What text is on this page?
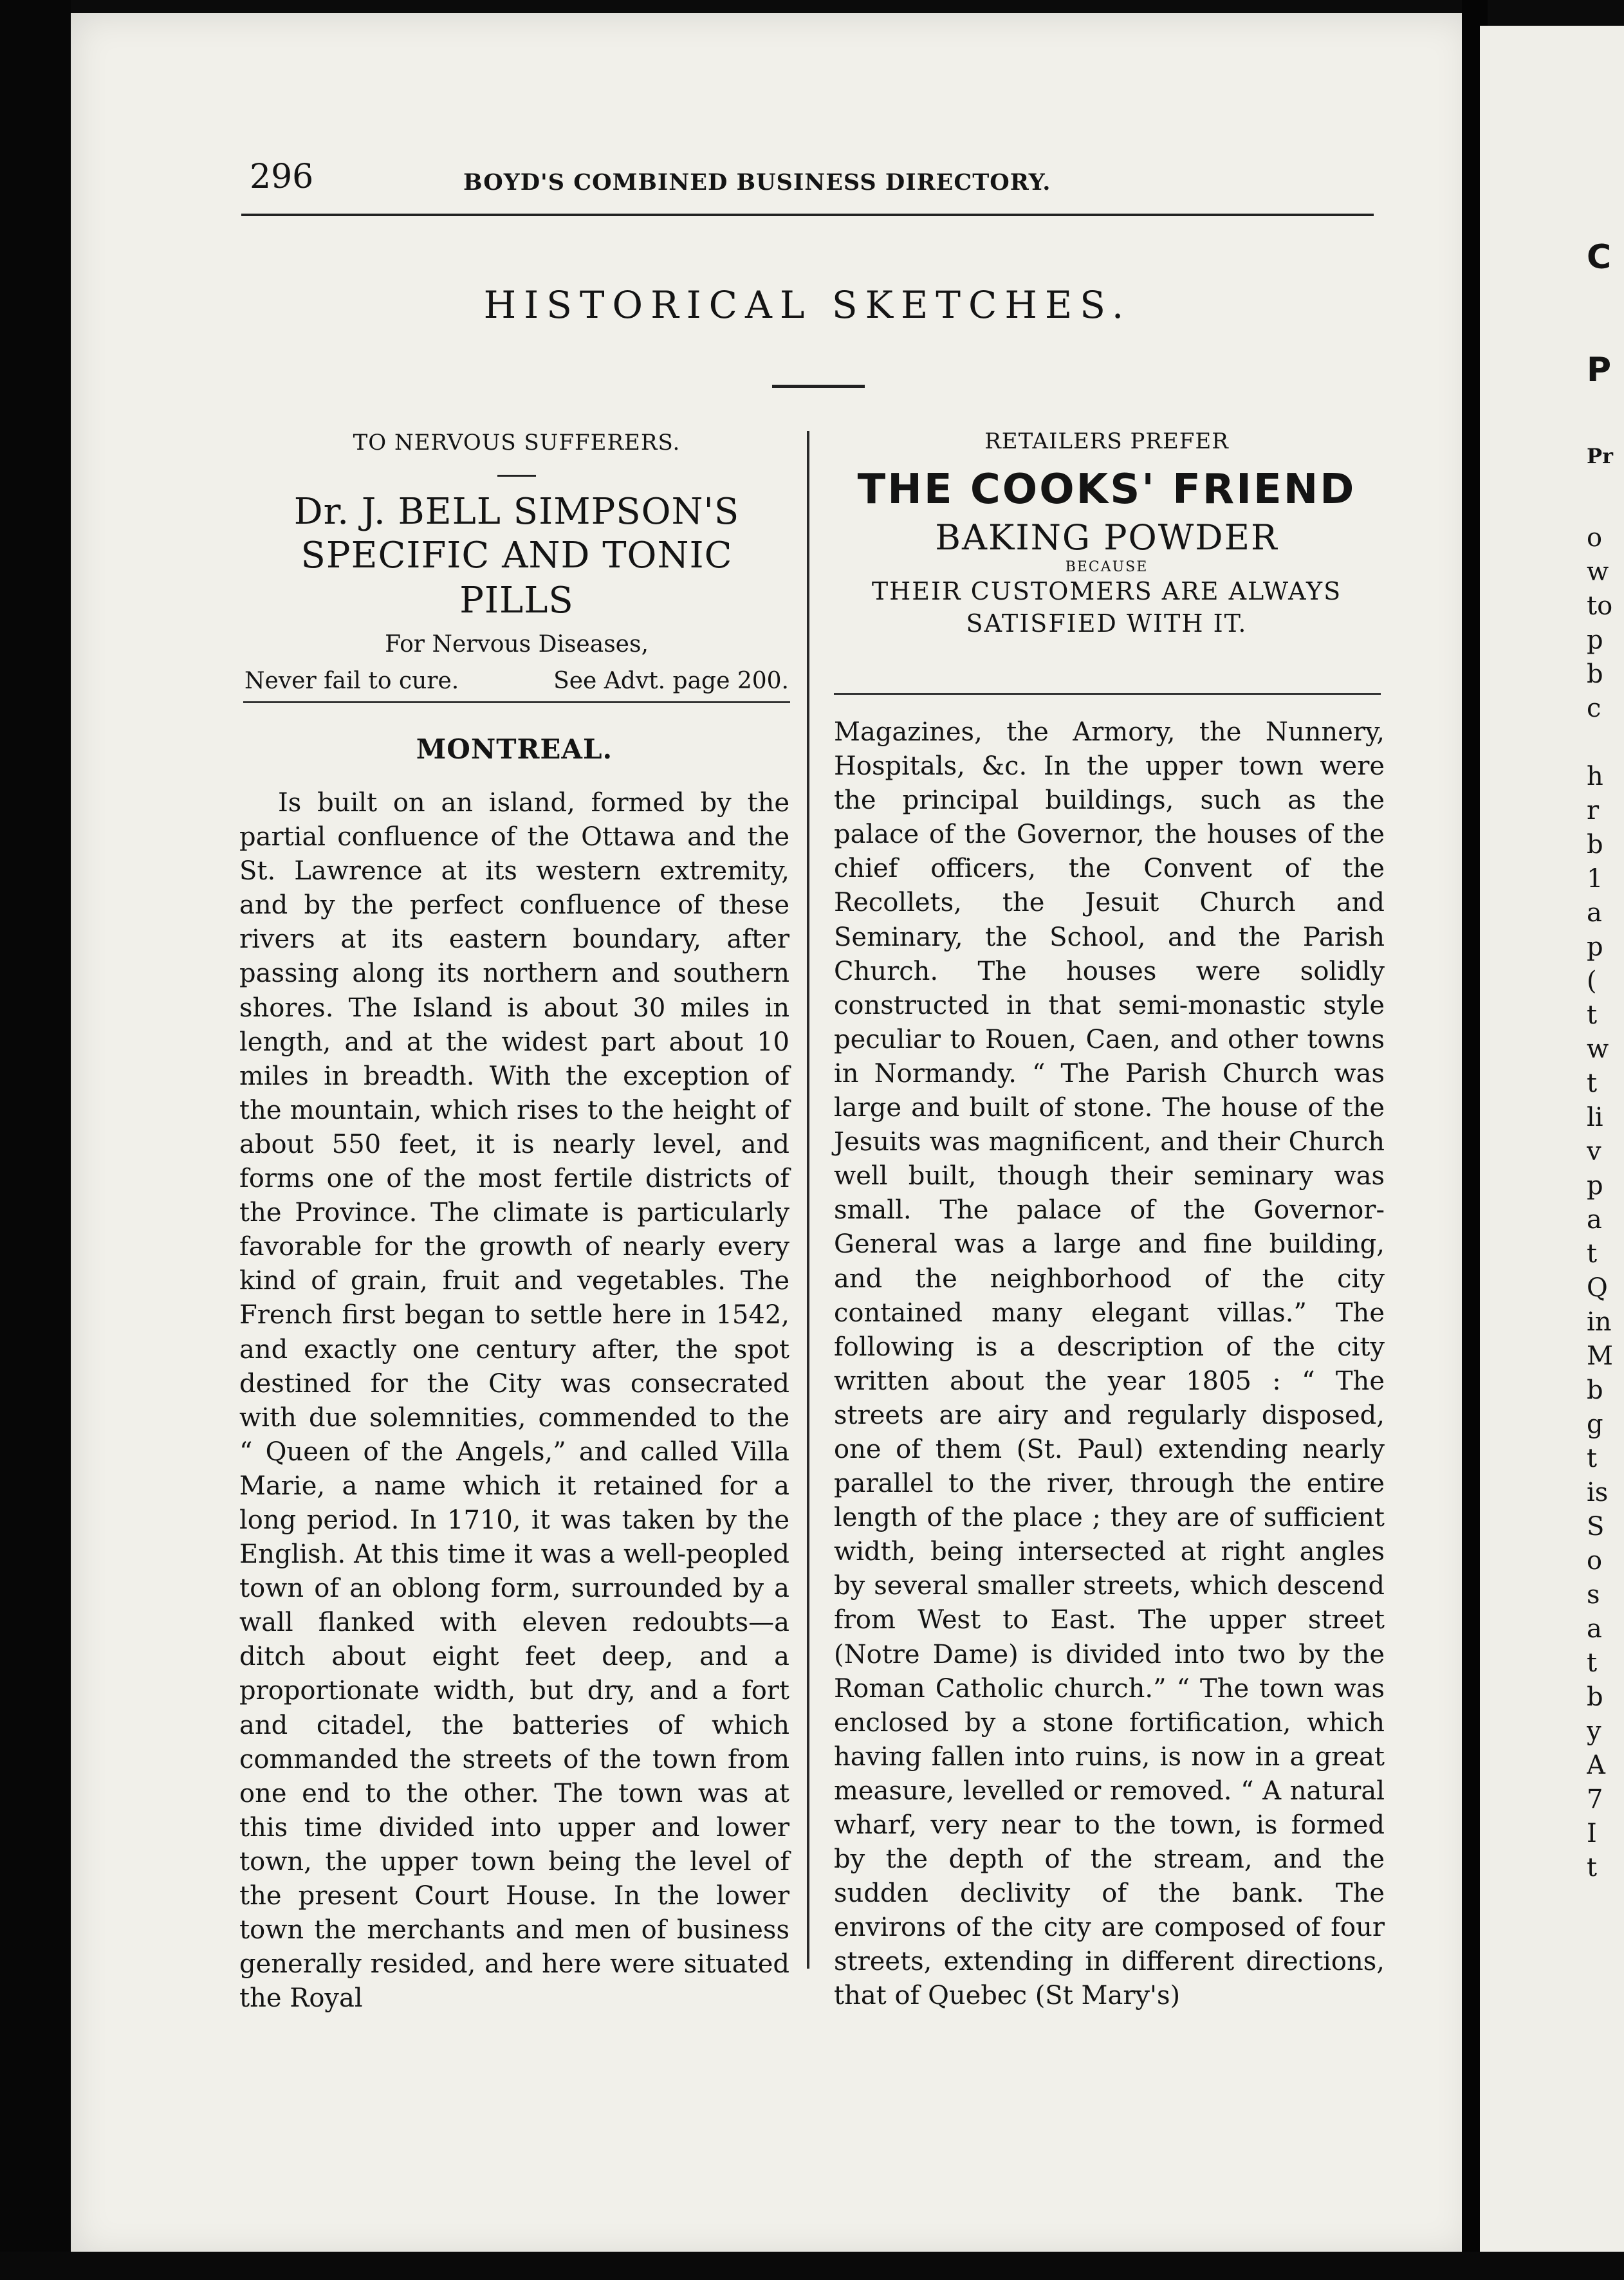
296	BOYD'S COMBINED BUSINESS DIRECTORY.
HISTORICAL SKETCHES.
TO NERVOUS SUFFERERS.
Dr. J. BELL SIMPSON'S
SPECIFIC AND TONIC PILLS
For Nervous Diseases,
Never fail to cure.	See Advt. page 200.
RETAILERS PREFER
THE COOKS' FRIEND
BAKING POWDER
BECAUSE
THEIR CUSTOMERS ARE ALWAYS
SATISFIED WITH IT.
MONTREAL.
Is built on an island, formed by the partial confluence of the Ottawa and the St. Lawrence at its western extremity, and by the perfect confluence of these rivers at its eastern boundary, after passing along its northern and southern shores. The Island is about 30 miles in length, and at the widest part about 10 miles in breadth. With the exception of the mountain, which rises to the height of about 550 feet, it is nearly level, and forms one of the most fertile districts of the Province. The climate is particularly favorable for the growth of nearly every kind of grain, fruit and vegetables. The French first began to settle here in 1542, and exactly one century after, the spot destined for the City was consecrated with due solemnities, commended to the “ Queen of the Angels,” and called Villa Marie, a name which it retained for a long period. In 1710, it was taken by the English. At this time it was a well-peopled town of an oblong form, surrounded by a wall flanked with eleven redoubts—a ditch about eight feet deep, and a proportionate width, but dry, and a fort and citadel, the batteries of which commanded the streets of the town from one end to the other. The town was at this time divided into upper and lower town, the upper town being the level of the present Court House. In the lower town the merchants and men of business generally resided, and here were situated the Royal
Magazines, the Armory, the Nunnery, Hospitals, &c. In the upper town were the principal buildings, such as the palace of the Governor, the houses of the chief officers, the Convent of the Recollets, the Jesuit Church and Seminary, the School, and the Parish Church. The houses were solidly constructed in that semi-monastic style peculiar to Rouen, Caen, and other towns in Normandy. “ The Parish Church was large and built of stone. The house of the Jesuits was magnificent, and their Church well built, though their seminary was small. The palace of the Governor-General was a large and fine building, and the neighborhood of the city contained many elegant villas.” The following is a description of the city written about the year 1805 : “ The streets are airy and regularly disposed, one of them (St. Paul) extending nearly parallel to the river, through the entire length of the place ; they are of sufficient width, being intersected at right angles by several smaller streets, which descend from West to East. The upper street (Notre Dame) is divided into two by the Roman Catholic church.” “ The town was enclosed by a stone fortification, which having fallen into ruins, is now in a great measure, levelled or removed. “ A natural wharf, very near to the town, is formed by the depth of the stream, and the sudden declivity of the bank. The environs of the city are composed of four streets, extending in different directions, that of Quebec (St Mary's)
C
P
Pr
o
w
to
p
b
c

h
r
b
1
a
p
(
t
w
t
li
v
p
a
t
Q
in
M
b
g
t
is
S
o
s
a
t
b
y
A
7
I
t
